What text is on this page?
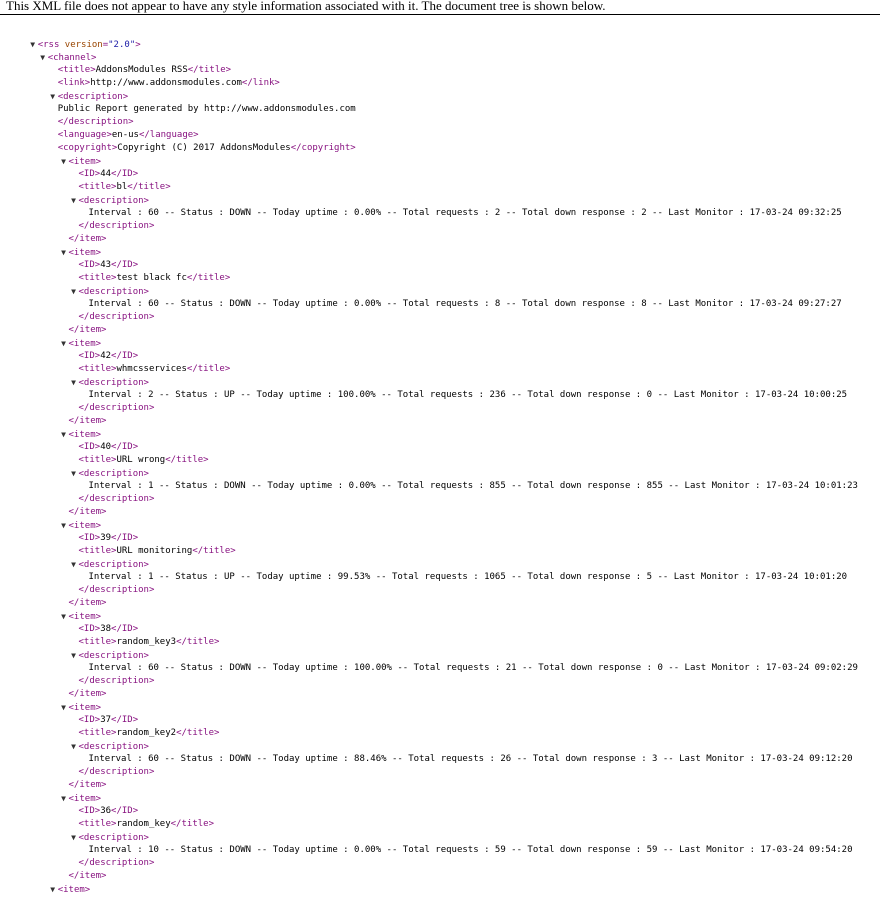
This XML file does not appear to have any style information associated with it. The document tree is shown below.

▼ <rss version="2.0">

▼ <channel>

<title>AddonsModules RSS</title>

<link>http://www.addonsmodules.com</link>

▼ <description>

Public Report generated by http://www.addonsmodules.com

</description>

<language>en-us</language>

<copyright>Copyright (C) 2017 AddonsModules</copyright>

▼ <item>

<ID>44</ID>

<title>bl</title>

▼ <description>

Interval : 60 -- Status : DOWN -- Today uptime : 0.00% -- Total requests : 2 -- Total down response : 2 -- Last Monitor : 17-03-24 09:32:25

</description>

</item>

▼ <item>

<ID>43</ID>

<title>test black fc</title>

▼ <description>

Interval : 60 -- Status : DOWN -- Today uptime : 0.00% -- Total requests : 8 -- Total down response : 8 -- Last Monitor : 17-03-24 09:27:27

</description>

</item>

▼ <item>

<ID>42</ID>

<title>whmcsservices</title>

▼ <description>

Interval : 2 -- Status : UP -- Today uptime : 100.00% -- Total requests : 236 -- Total down response : 0 -- Last Monitor : 17-03-24 10:00:25

</description>

</item>

▼ <item>

<ID>40</ID>

<title>URL wrong</title>

▼ <description>

Interval : 1 -- Status : DOWN -- Today uptime : 0.00% -- Total requests : 855 -- Total down response : 855 -- Last Monitor : 17-03-24 10:01:23

</description>

</item>

▼ <item>

<ID>39</ID>

<title>URL monitoring</title>

▼ <description>

Interval : 1 -- Status : UP -- Today uptime : 99.53% -- Total requests : 1065 -- Total down response : 5 -- Last Monitor : 17-03-24 10:01:20

</description>

</item>

▼ <item>

<ID>38</ID>

<title>random_key3</title>

▼ <description>

Interval : 60 -- Status : DOWN -- Today uptime : 100.00% -- Total requests : 21 -- Total down response : 0 -- Last Monitor : 17-03-24 09:02:29

</description>

</item>

▼ <item>

<ID>37</ID>

<title>random_key2</title>

▼ <description>

Interval : 60 -- Status : DOWN -- Today uptime : 88.46% -- Total requests : 26 -- Total down response : 3 -- Last Monitor : 17-03-24 09:12:20

</description>

</item>

▼ <item>

<ID>36</ID>

<title>random_key</title>

▼ <description>

Interval : 10 -- Status : DOWN -- Today uptime : 0.00% -- Total requests : 59 -- Total down response : 59 -- Last Monitor : 17-03-24 09:54:20

</description>

</item>

▼ <item>
